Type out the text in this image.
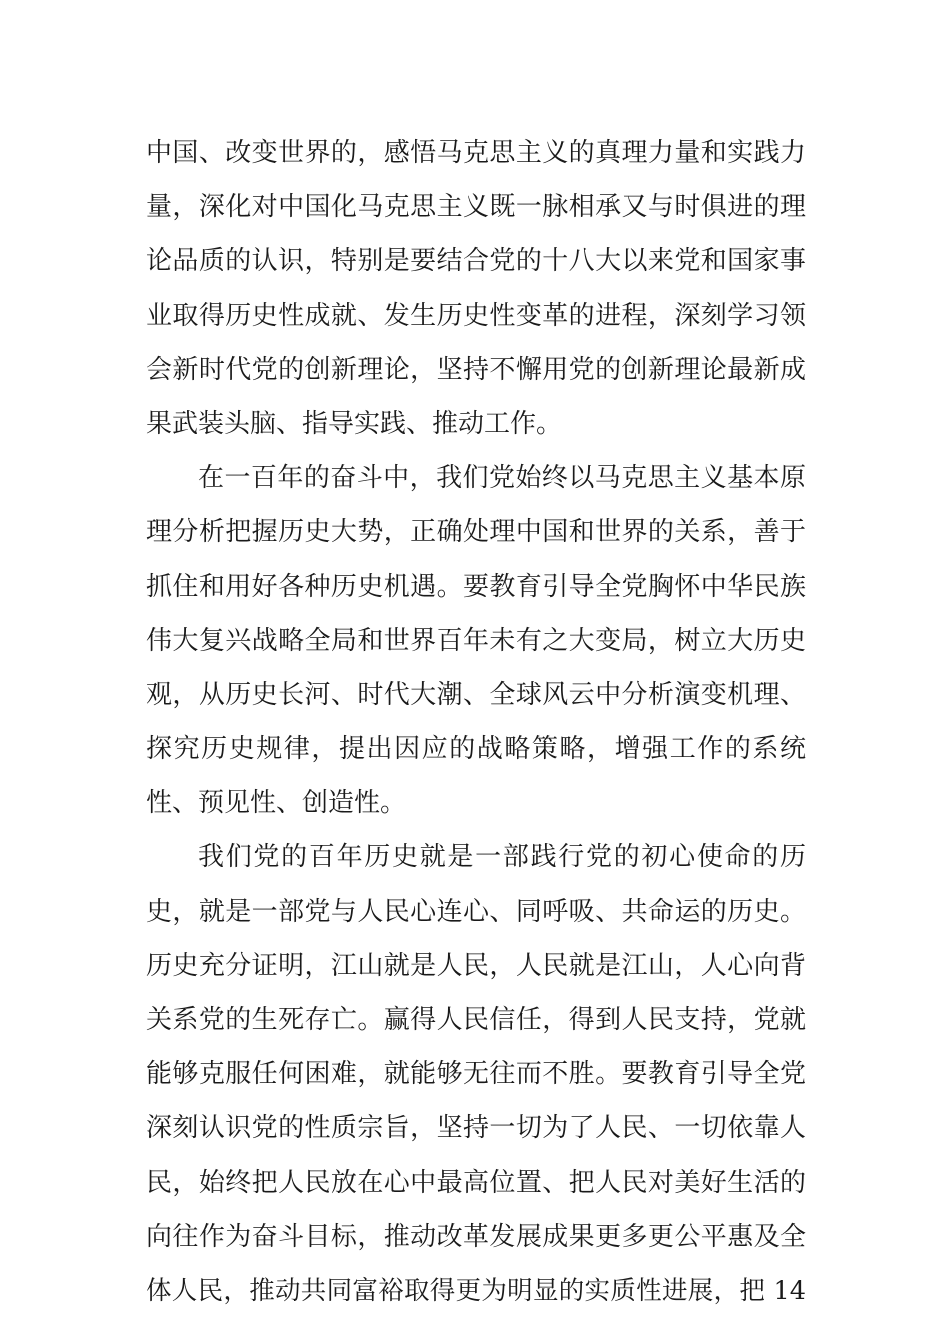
中国、改变世界的，感悟马克思主义的真理力量和实践力
量，深化对中国化马克思主义既一脉相承又与时俱进的理
论品质的认识，特别是要结合党的十八大以来党和国家事
业取得历史性成就、发生历史性变革的进程，深刻学习领
会新时代党的创新理论，坚持不懈用党的创新理论最新成
果武装头脑、指导实践、推动工作。
在一百年的奋斗中，我们党始终以马克思主义基本原
理分析把握历史大势，正确处理中国和世界的关系，善于
抓住和用好各种历史机遇。要教育引导全党胸怀中华民族
伟大复兴战略全局和世界百年未有之大变局，树立大历史
观，从历史长河、时代大潮、全球风云中分析演变机理、
探究历史规律，提出因应的战略策略，增强工作的系统
性、预见性、创造性。
我们党的百年历史就是一部践行党的初心使命的历
史，就是一部党与人民心连心、同呼吸、共命运的历史。
历史充分证明，江山就是人民，人民就是江山，人心向背
关系党的生死存亡。赢得人民信任，得到人民支持，党就
能够克服任何困难，就能够无往而不胜。要教育引导全党
深刻认识党的性质宗旨，坚持一切为了人民、一切依靠人
民，始终把人民放在心中最高位置、把人民对美好生活的
向往作为奋斗目标，推动改革发展成果更多更公平惠及全
体人民，推动共同富裕取得更为明显的实质性进展，把 14
